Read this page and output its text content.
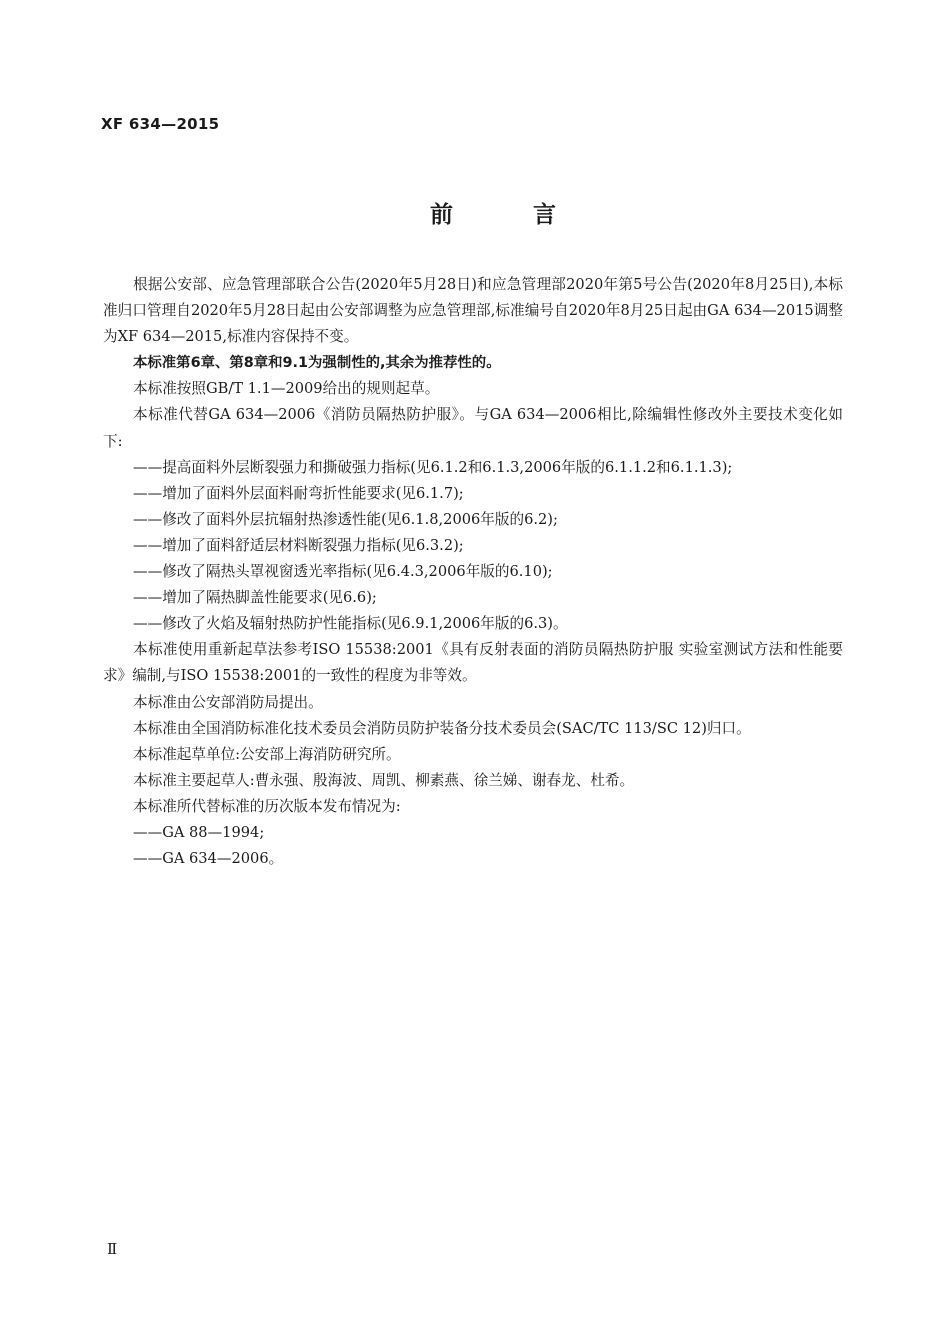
XF 634—2015
前 言

根据公安部、应急管理部联合公告(2020年5月28日)和应急管理部2020年第5号公告(2020年8月25日),本标准归口管理自2020年5月28日起由公安部调整为应急管理部,标准编号自2020年8月25日起由GA 634—2015调整为XF 634—2015,标准内容保持不变。

本标准第6章、第8章和9.1为强制性的,其余为推荐性的。

本标准按照GB/T 1.1—2009给出的规则起草。

本标准代替GA 634—2006《消防员隔热防护服》。与GA 634—2006相比,除编辑性修改外主要技术变化如下:

——提高面料外层断裂强力和撕破强力指标(见6.1.2和6.1.3,2006年版的6.1.1.2和6.1.1.3);

——增加了面料外层面料耐弯折性能要求(见6.1.7);

——修改了面料外层抗辐射热渗透性能(见6.1.8,2006年版的6.2);

——增加了面料舒适层材料断裂强力指标(见6.3.2);

——修改了隔热头罩视窗透光率指标(见6.4.3,2006年版的6.10);

——增加了隔热脚盖性能要求(见6.6);

——修改了火焰及辐射热防护性能指标(见6.9.1,2006年版的6.3)。

本标准使用重新起草法参考ISO 15538:2001《具有反射表面的消防员隔热防护服 实验室测试方法和性能要求》编制,与ISO 15538:2001的一致性的程度为非等效。

本标准由公安部消防局提出。

本标准由全国消防标准化技术委员会消防员防护装备分技术委员会(SAC/TC 113/SC 12)归口。

本标准起草单位:公安部上海消防研究所。

本标准主要起草人:曹永强、殷海波、周凯、柳素燕、徐兰娣、谢春龙、杜希。

本标准所代替标准的历次版本发布情况为:

——GA 88—1994;

——GA 634—2006。

Ⅱ
